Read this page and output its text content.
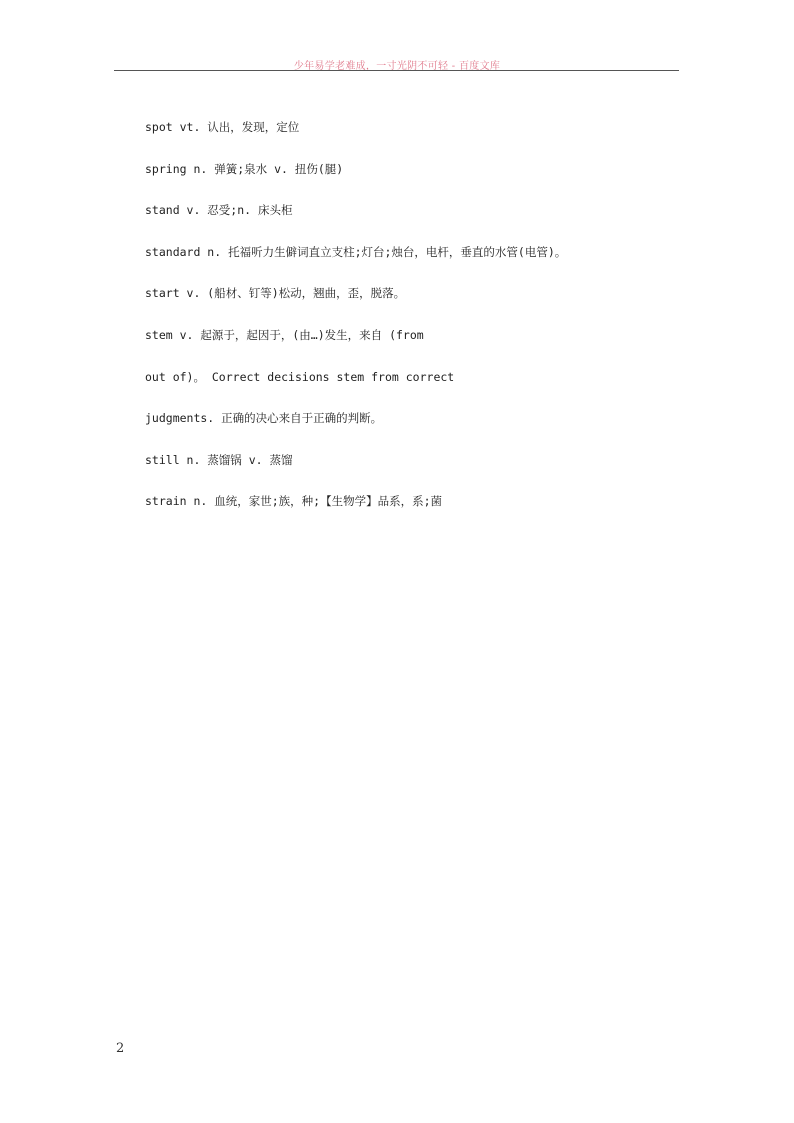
少年易学老难成，一寸光阴不可轻 - 百度文库
spot vt. 认出，发现，定位
spring n. 弹簧;泉水 v. 扭伤(腿)
stand v. 忍受;n. 床头柜
standard n. 托福听力生僻词直立支柱;灯台;烛台，电杆，垂直的水管(电管)。
start v. (船材、钉等)松动，翘曲，歪，脱落。
stem v. 起源于，起因于，(由…)发生，来自 (from
out of)。 Correct decisions stem from correct
judgments. 正确的决心来自于正确的判断。
still n. 蒸馏锅 v. 蒸馏
strain n. 血统，家世;族，种;【生物学】品系，系;菌
2
